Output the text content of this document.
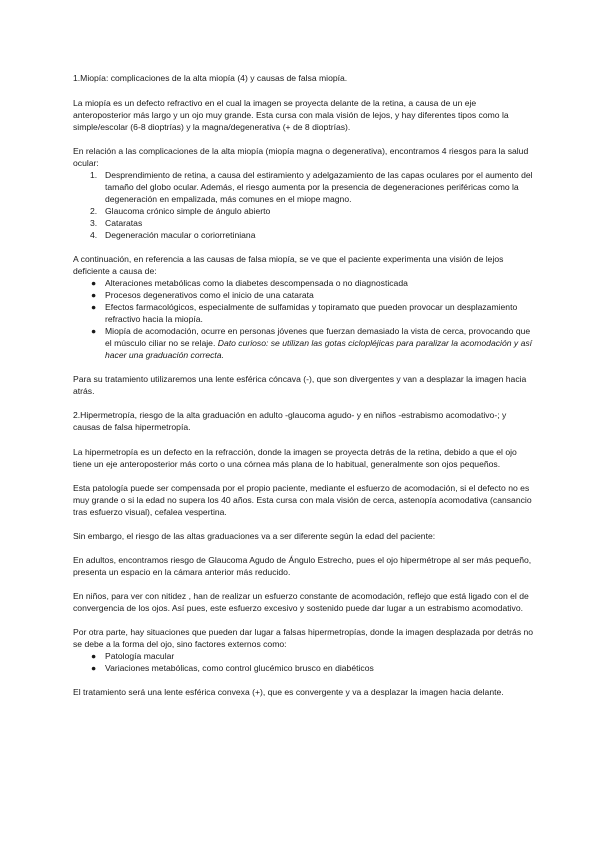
1.Miopía: complicaciones de la alta miopía (4) y causas de falsa miopía.

La miopía es un defecto refractivo en el cual la imagen se proyecta delante de la retina, a causa de un eje anteroposterior más largo y un ojo muy grande. Esta cursa con mala visión de lejos, y hay diferentes tipos como la simple/escolar (6-8 dioptrías) y la magna/degenerativa (+ de 8 dioptrías).

En relación a las complicaciones de la alta miopía (miopía magna o degenerativa), encontramos 4 riesgos para la salud ocular:

1. Desprendimiento de retina, a causa del estiramiento y adelgazamiento de las capas oculares por el aumento del tamaño del globo ocular. Además, el riesgo aumenta por la presencia de degeneraciones periféricas como la degeneración en empalizada, más comunes en el miope magno.
2. Glaucoma crónico simple de ángulo abierto
3. Cataratas
4. Degeneración macular o coriorretiniana

A continuación, en referencia a las causas de falsa miopía, se ve que el paciente experimenta una visión de lejos deficiente a causa de:

● Alteraciones metabólicas como la diabetes descompensada o no diagnosticada
● Procesos degenerativos como el inicio de una catarata
● Efectos farmacológicos, especialmente de sulfamidas y topiramato que pueden provocar un desplazamiento refractivo hacia la miopía.
● Miopía de acomodación, ocurre en personas jóvenes que fuerzan demasiado la vista de cerca, provocando que el músculo ciliar no se relaje. Dato curioso: se utilizan las gotas ciclopléjicas para paralizar la acomodación y así hacer una graduación correcta.

Para su tratamiento utilizaremos una lente esférica cóncava (-), que son divergentes y van a desplazar la imagen hacia atrás.

2.Hipermetropía, riesgo de la alta graduación en adulto -glaucoma agudo- y en niños -estrabismo acomodativo-; y causas de falsa hipermetropía.

La hipermetropía es un defecto en la refracción, donde la imagen se proyecta detrás de la retina, debido a que el ojo tiene un eje anteroposterior más corto o una córnea más plana de lo habitual, generalmente son ojos pequeños.

Esta patología puede ser compensada por el propio paciente, mediante el esfuerzo de acomodación, si el defecto no es muy grande o si la edad no supera los 40 años. Esta cursa con mala visión de cerca, astenopía acomodativa (cansancio tras esfuerzo visual), cefalea vespertina.

Sin embargo, el riesgo de las altas graduaciones va a ser diferente según la edad del paciente:

En adultos, encontramos riesgo de Glaucoma Agudo de Ángulo Estrecho, pues el ojo hipermétrope al ser más pequeño, presenta un espacio en la cámara anterior más reducido.

En niños, para ver con nitidez , han de realizar un esfuerzo constante de acomodación, reflejo que está ligado con el de convergencia de los ojos. Así pues, este esfuerzo excesivo y sostenido puede dar lugar a un estrabismo acomodativo.

Por otra parte, hay situaciones que pueden dar lugar a falsas hipermetropías, donde la imagen desplazada por detrás no se debe a la forma del ojo, sino factores externos como:

● Patología macular
● Variaciones metabólicas, como control glucémico brusco en diabéticos

El tratamiento será una lente esférica convexa (+), que es convergente y va a desplazar la imagen hacia delante.
